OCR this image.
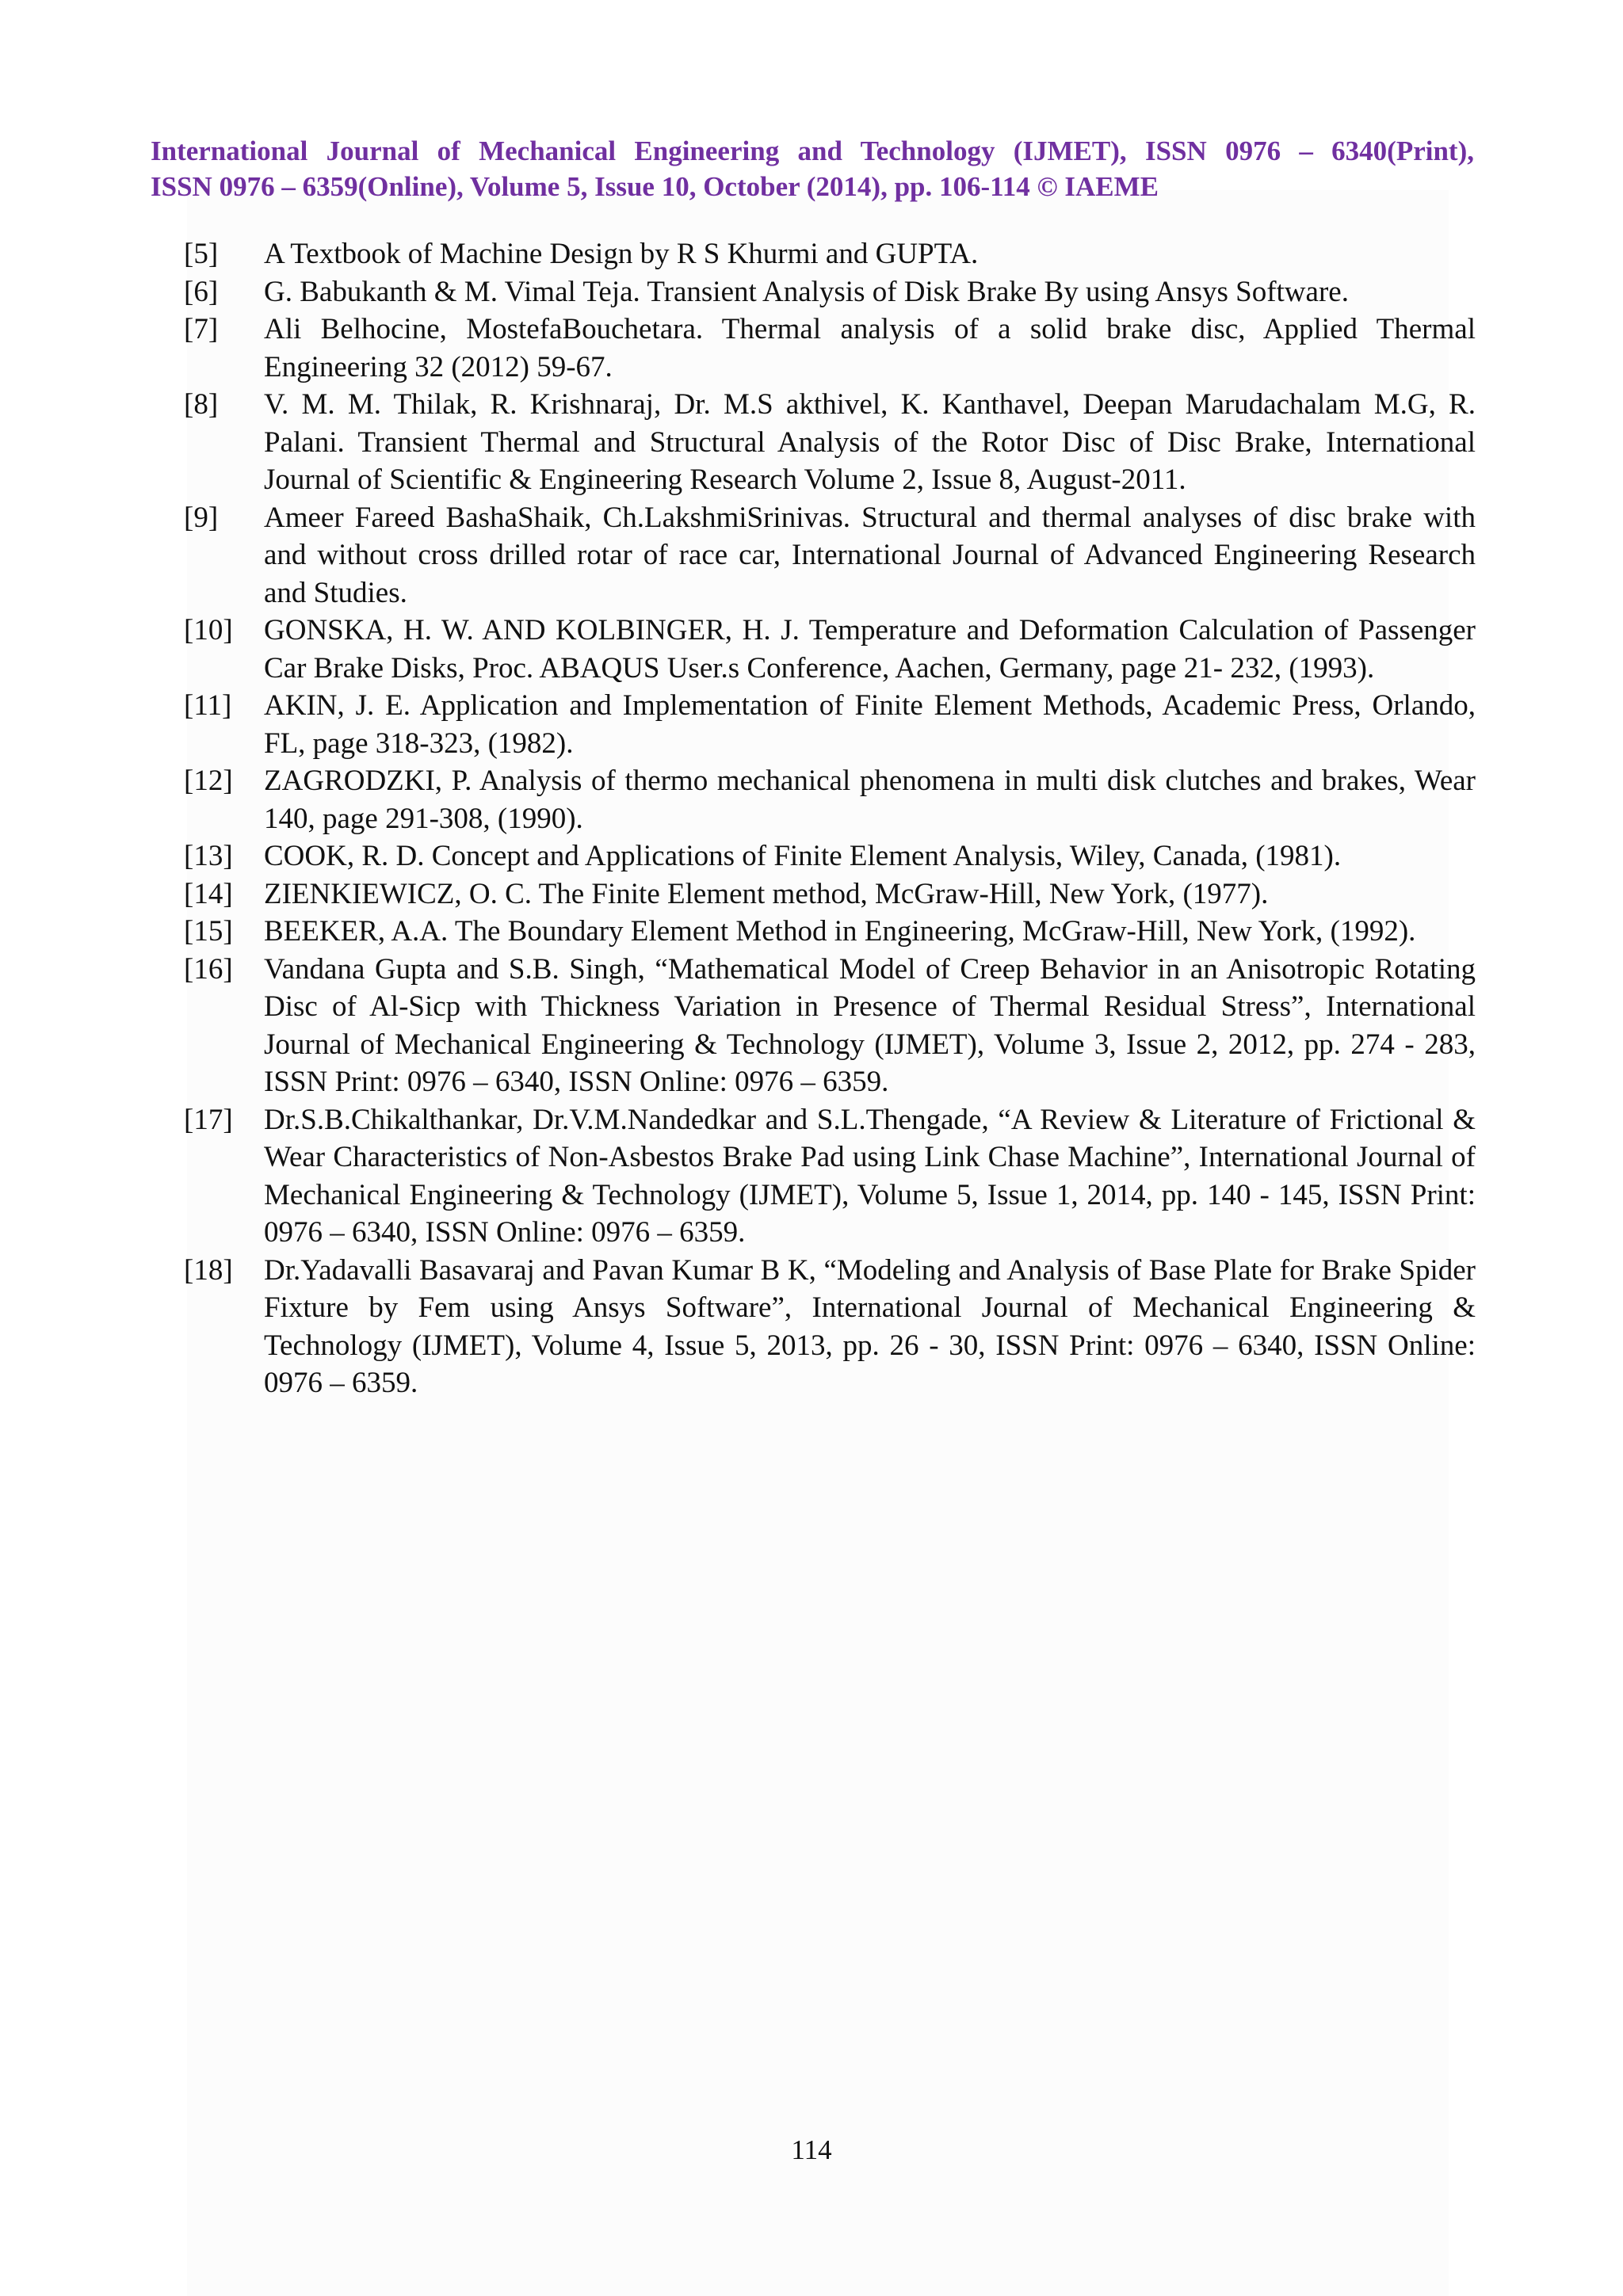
International Journal of Mechanical Engineering and Technology (IJMET), ISSN 0976 – 6340(Print),
ISSN 0976 – 6359(Online), Volume 5, Issue 10, October (2014), pp. 106-114 © IAEME
[5] A Textbook of Machine Design by R S Khurmi and GUPTA.
[6] G. Babukanth & M. Vimal Teja. Transient Analysis of Disk Brake By using Ansys Software.
[7] Ali Belhocine, MostefaBouchetara. Thermal analysis of a solid brake disc, Applied Thermal Engineering 32 (2012) 59-67.
[8] V. M. M. Thilak, R. Krishnaraj, Dr. M.S akthivel, K. Kanthavel, Deepan Marudachalam M.G, R. Palani. Transient Thermal and Structural Analysis of the Rotor Disc of Disc Brake, International Journal of Scientific & Engineering Research Volume 2, Issue 8, August-2011.
[9] Ameer Fareed BashaShaik, Ch.LakshmiSrinivas. Structural and thermal analyses of disc brake with and without cross drilled rotar of race car, International Journal of Advanced Engineering Research and Studies.
[10] GONSKA, H. W. AND KOLBINGER, H. J. Temperature and Deformation Calculation of Passenger Car Brake Disks, Proc. ABAQUS User.s Conference, Aachen, Germany, page 21- 232, (1993).
[11] AKIN, J. E. Application and Implementation of Finite Element Methods, Academic Press, Orlando, FL, page 318-323, (1982).
[12] ZAGRODZKI, P. Analysis of thermo mechanical phenomena in multi disk clutches and brakes, Wear 140, page 291-308, (1990).
[13] COOK, R. D. Concept and Applications of Finite Element Analysis, Wiley, Canada, (1981).
[14] ZIENKIEWICZ, O. C. The Finite Element method, McGraw-Hill, New York, (1977).
[15] BEEKER, A.A. The Boundary Element Method in Engineering, McGraw-Hill, New York, (1992).
[16] Vandana Gupta and S.B. Singh, “Mathematical Model of Creep Behavior in an Anisotropic Rotating Disc of Al-Sicp with Thickness Variation in Presence of Thermal Residual Stress”, International Journal of Mechanical Engineering & Technology (IJMET), Volume 3, Issue 2, 2012, pp. 274 - 283, ISSN Print: 0976 – 6340, ISSN Online: 0976 – 6359.
[17] Dr.S.B.Chikalthankar, Dr.V.M.Nandedkar and S.L.Thengade, “A Review & Literature of Frictional & Wear Characteristics of Non-Asbestos Brake Pad using Link Chase Machine”, International Journal of Mechanical Engineering & Technology (IJMET), Volume 5, Issue 1, 2014, pp. 140 - 145, ISSN Print: 0976 – 6340, ISSN Online: 0976 – 6359.
[18] Dr.Yadavalli Basavaraj and Pavan Kumar B K, “Modeling and Analysis of Base Plate for Brake Spider Fixture by Fem using Ansys Software”, International Journal of Mechanical Engineering & Technology (IJMET), Volume 4, Issue 5, 2013, pp. 26 - 30, ISSN Print: 0976 – 6340, ISSN Online: 0976 – 6359.
114
